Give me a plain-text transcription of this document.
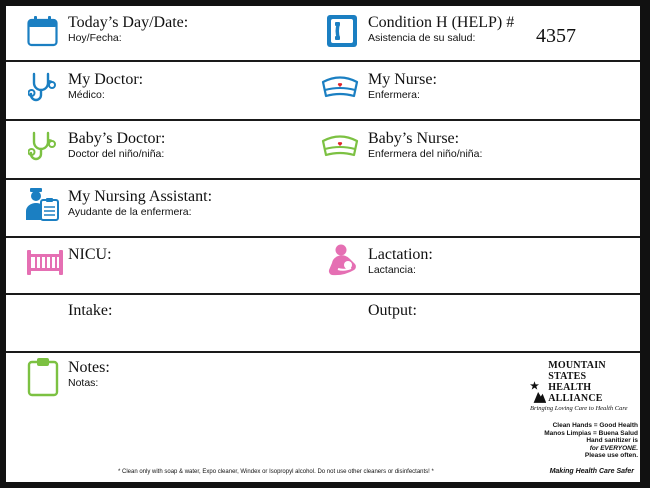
Today’s Day/Date:
Hoy/Fecha:
Condition H (HELP) #
Asistencia de su salud:	4357
My Doctor:
Médico:
My Nurse:
Enfermera:
Baby’s Doctor:
Doctor del niño/niña:
Baby’s Nurse:
Enfermera del niño/niña:
My Nursing Assistant:
Ayudante de la enfermera:
NICU:	Lactation:
Lactancia:
Intake:	Output:
Notes:
Notas:
MOUNTAIN STATES
HEALTH ALLIANCE
Bringing Loving Care to Health Care
Clean Hands = Good Health
Manos Limpias = Buena Salud
Hand sanitizer is
for EVERYONE.
Please use often.
Making Health Care Safer
* Clean only with soap & water, Expo cleaner, Windex or Isopropyl alcohol. Do not use other cleaners or disinfectants! *
